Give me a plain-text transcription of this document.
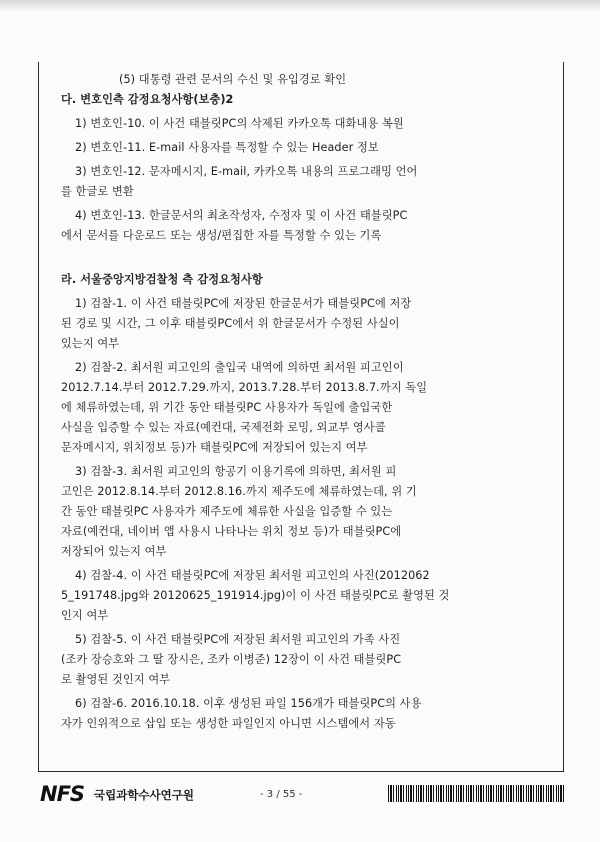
(5) 대통령 관련 문서의 수신 및 유입경로 확인
다. 변호인측 감정요청사항(보충)2
1) 변호인-10. 이 사건 태블릿PC의 삭제된 카카오톡 대화내용 복원
2) 변호인-11. E-mail 사용자를 특정할 수 있는 Header 정보
3) 변호인-12. 문자메시지, E-mail, 카카오톡 내용의 프로그래밍 언어
를 한글로 변환
4) 변호인-13. 한글문서의 최초작성자, 수정자 및 이 사건 태블릿PC
에서 문서를 다운로드 또는 생성/편집한 자를 특정할 수 있는 기록
라. 서울중앙지방검찰청 측 감정요청사항
1) 검찰-1. 이 사건 태블릿PC에 저장된 한글문서가 태블릿PC에 저장
된 경로 및 시간, 그 이후 태블릿PC에서 위 한글문서가 수정된 사실이
있는지 여부
2) 검찰-2. 최서원 피고인의 출입국 내역에 의하면 최서원 피고인이
2012.7.14.부터 2012.7.29.까지, 2013.7.28.부터 2013.8.7.까지 독일
에 체류하였는데, 위 기간 동안 태블릿PC 사용자가 독일에 출입국한
사실을 입증할 수 있는 자료(예컨대, 국제전화 로밍, 외교부 영사콜
문자메시지, 위치정보 등)가 태블릿PC에 저장되어 있는지 여부
3) 검찰-3. 최서원 피고인의 항공기 이용기록에 의하면, 최서원 피
고인은 2012.8.14.부터 2012.8.16.까지 제주도에 체류하였는데, 위 기
간 동안 태블릿PC 사용자가 제주도에 체류한 사실을 입증할 수 있는
자료(예컨대, 네이버 앱 사용시 나타나는 위치 정보 등)가 태블릿PC에
저장되어 있는지 여부
4) 검찰-4. 이 사건 태블릿PC에 저장된 최서원 피고인의 사진(2012062
5_191748.jpg와 20120625_191914.jpg)이 이 사건 태블릿PC로 촬영된 것
인지 여부
5) 검찰-5. 이 사건 태블릿PC에 저장된 최서원 피고인의 가족 사진
(조카 장승호와 그 딸 장시은, 조카 이병준) 12장이 이 사건 태블릿PC
로 촬영된 것인지 여부
6) 검찰-6. 2016.10.18. 이후 생성된 파일 156개가 태블릿PC의 사용
자가 인위적으로 삽입 또는 생성한 파일인지 아니면 시스템에서 자동
NFS 국립과학수사연구원	- 3 / 55 -
